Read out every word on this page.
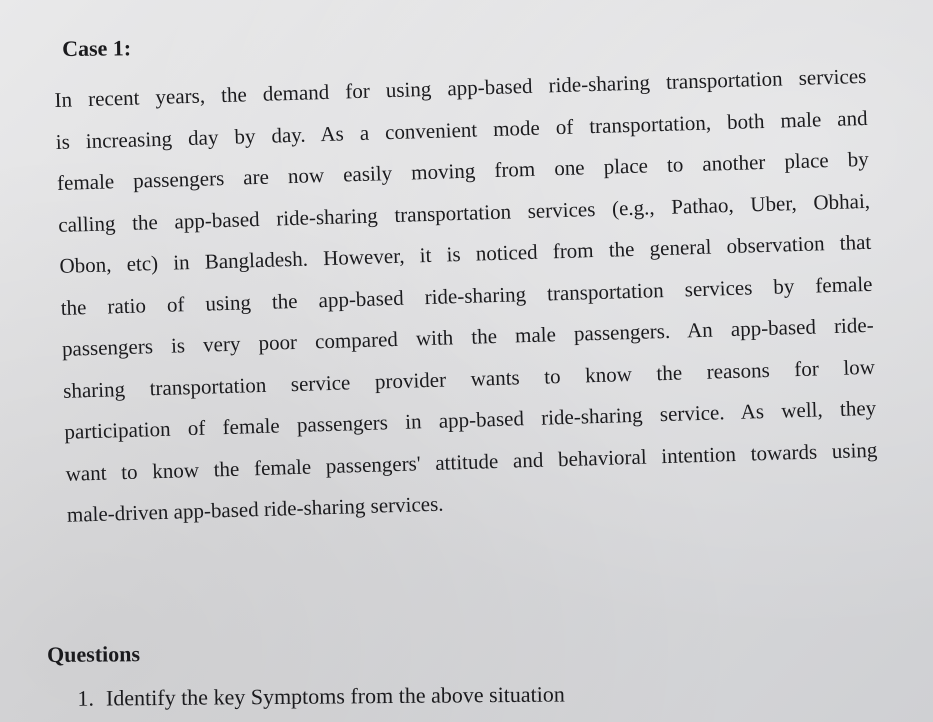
Case 1:
In recent years, the demand for using app-based ride-sharing transportation services
is increasing day by day. As a convenient mode of transportation, both male and
female passengers are now easily moving from one place to another place by
calling the app-based ride-sharing transportation services (e.g., Pathao, Uber, Obhai,
Obon, etc) in Bangladesh. However, it is noticed from the general observation that
the ratio of using the app-based ride-sharing transportation services by female
passengers is very poor compared with the male passengers. An app-based ride-
sharing transportation service provider wants to know the reasons for low
participation of female passengers in app-based ride-sharing service. As well, they
want to know the female passengers' attitude and behavioral intention towards using
male-driven app-based ride-sharing services.
Questions
1. Identify the key Symptoms from the above situation
